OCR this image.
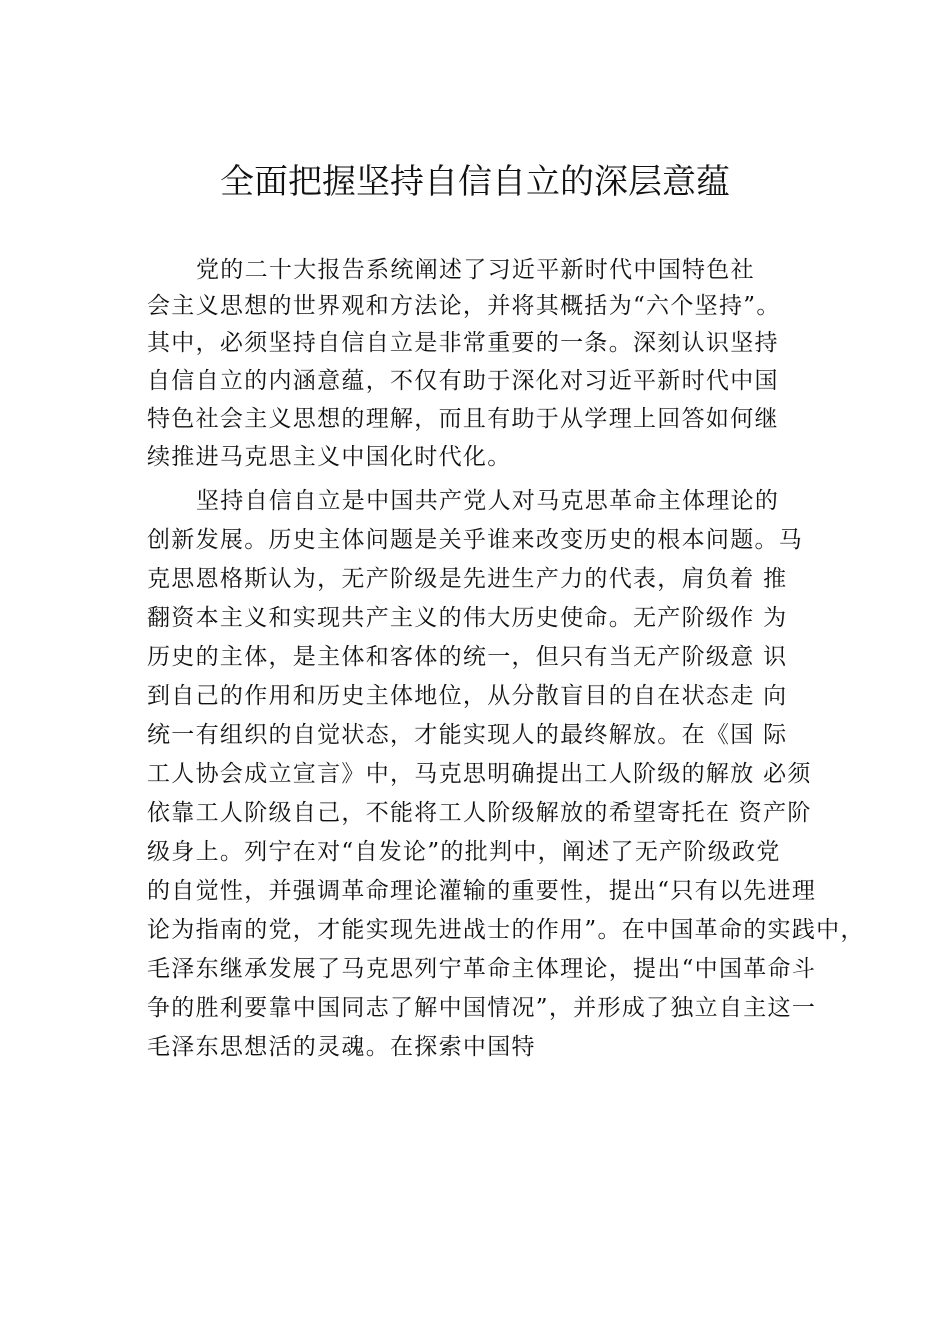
全面把握坚持自信自立的深层意蕴
党的二十大报告系统阐述了习近平新时代中国特色社
会主义思想的世界观和方法论，并将其概括为“六个坚持”。
其中，必须坚持自信自立是非常重要的一条。深刻认识坚持
自信自立的内涵意蕴，不仅有助于深化对习近平新时代中国
特色社会主义思想的理解，而且有助于从学理上回答如何继
续推进马克思主义中国化时代化。
坚持自信自立是中国共产党人对马克思革命主体理论的
创新发展。历史主体问题是关乎谁来改变历史的根本问题。马
克思恩格斯认为，无产阶级是先进生产力的代表，肩负着 推
翻资本主义和实现共产主义的伟大历史使命。无产阶级作 为
历史的主体，是主体和客体的统一，但只有当无产阶级意 识
到自己的作用和历史主体地位，从分散盲目的自在状态走 向
统一有组织的自觉状态，才能实现人的最终解放。在《国 际
工人协会成立宣言》中，马克思明确提出工人阶级的解放 必须
依靠工人阶级自己，不能将工人阶级解放的希望寄托在 资产阶
级身上。列宁在对“自发论”的批判中，阐述了无产阶级政党
的自觉性，并强调革命理论灌输的重要性，提出“只有以先进理
论为指南的党，才能实现先进战士的作用”。在中国革命的实践中，
毛泽东继承发展了马克思列宁革命主体理论，提出“中国革命斗
争的胜利要靠中国同志了解中国情况”，并形成了独立自主这一
毛泽东思想活的灵魂。在探索中国特
